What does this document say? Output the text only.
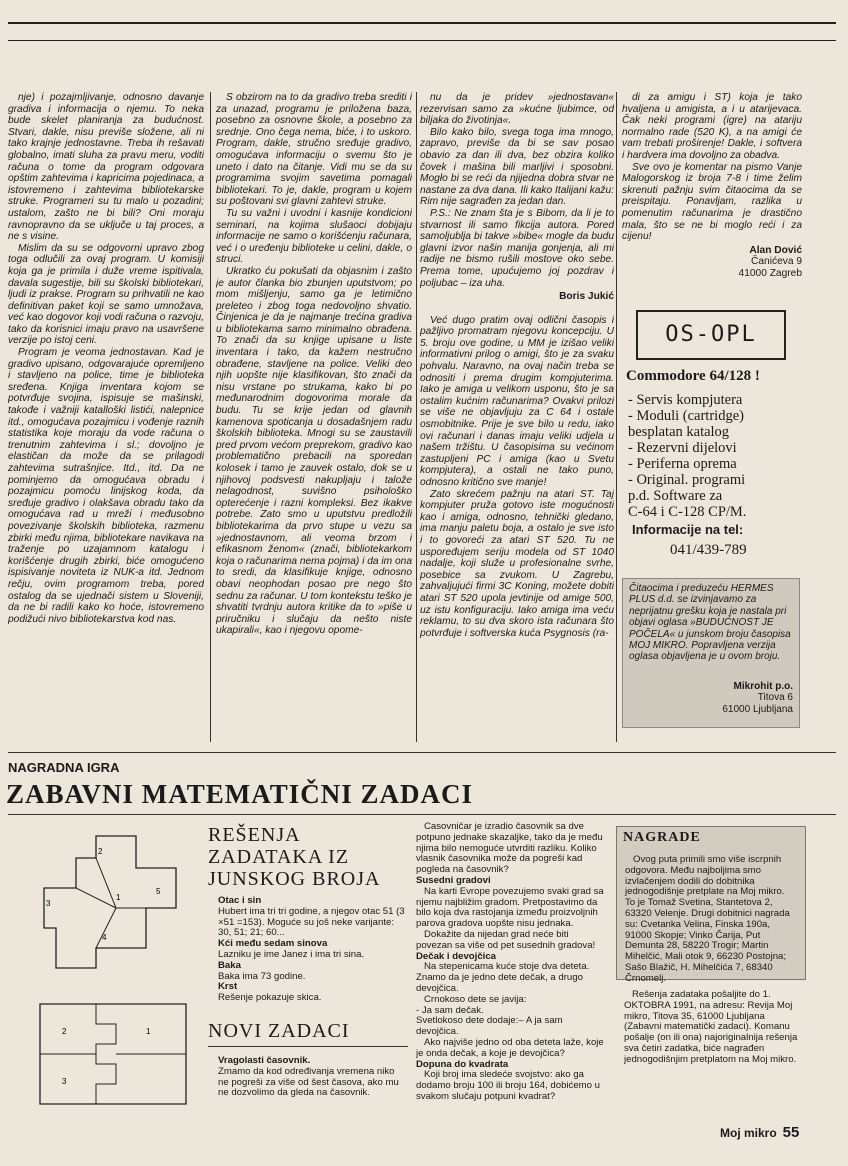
nje) i pozajmljivanje, odnosno davanje gradiva i informacija o njemu. To neka bude skelet planiranja za budućnost. Stvari, dakle, nisu previše složene, ali ni tako krajnje jednostavne. Treba ih rešavati globalno, imati sluha za pravu meru, voditi računa o tome da program odgovara opštim zahtevima i kapricima pojedinaca, a istovremeno i zahtevima bibliotekarske struke. Programeri su tu malo u pozadini; ustalom, zašto ne bi bili? Oni moraju ravnopravno da se uključe u taj proces, a ne s visine.

Mislim da su se odgovorni upravo zbog toga odlučili za ovaj program. U komisiji koja ga je primila i duže vreme ispitivala, davala sugestije, bili su školski bibliotekari, ljudi iz prakse. Program su prihvatili ne kao definitivan paket koji se samo umnožava, već kao dogovor koji vodi računa o razvoju, tako da korisnici imaju pravo na usavršene verzije po istoj ceni.

Program je veoma jednostavan. Kad je gradivo upisano, odgovarajuće opremljeno i stavljeno na police, time je biblioteka sređena. Knjiga inventara kojom se potvrđuje svojina, ispisuje se mašinski, takođe i važniji katalloški listići, nalepnice itd., omogućava pozajmicu i vođenje raznih statistika koje moraju da vode računa o trenutnim zahtevima i sl.; dovoljno je elastičan da može da se prilagodi zahtevima sutrašnjice. Itd., itd. Da ne pominjemo da omogućava obradu i pozajmicu pomoću linijskog koda, da sređuje gradivo i olakšava obradu tako da omogućava rad u mreži i međusobno povezivanje školskih biblioteka, razmenu zbirki među njima, bibliotekare navikava na traženje po uzajamnom katalogu i korišćenje drugih zbirki, biće omogućeno ispisivanje noviteta iz NUK-a itd. Jednom rečju, ovim programom treba, pored ostalog da se ujednači sistem u Sloveniji, da ne bi radili kako ko hoće, istovremeno podižući nivo bibliotekarstva kod nas.

S obzirom na to da gradivo treba srediti i za unazad, programu je priložena baza, posebno za osnovne škole, a posebno za srednje. Ono čega nema, biće, i to uskoro. Program, dakle, stručno sređuje gradivo, omogućava informaciju o svemu što je uneto i dato na čitanje. Vidi mu se da su programima svojim savetima pomagali bibliotekari. To je, dakle, program u kojem su poštovani svi glavni zahtevi struke.

Tu su važni i uvodni i kasnije kondicioni seminari, na kojima slušaoci dobijaju informacije ne samo o korišćenju računara, već i o uređenju biblioteke u celini, dakle, o struci.

Ukratko ću pokušati da objasnim i zašto je autor članka bio zbunjen uputstvom; po mom mišljenju, samo ga je letimično preleteo i zbog toga nedovoljno shvatio. Činjenica je da je najmanje trećina gradiva u bibliotekama samo minimalno obrađena. To znači da su knjige upisane u liste inventara i tako, da kažem nestručno obrađene, stavljene na police. Veliki deo njih uopšte nije klasifikovan, što znači da nisu vrstane po strukama, kako bi po međunarodnim dogovorima morale da budu. Tu se krije jedan od glavnih kamenova spoticanja u dosadašnjem radu školskih biblioteka. Mnogi su se zaustavili pred prvom većom preprekom, gradivo kao problematično prebacili na sporedan kolosek i tamo je zauvek ostalo, dok se u njihovoj podsvesti nakupljaju i talože nelagodnost, suvišno psihološko opterećenje i razni kompleksi. Bez ikakve potrebe. Zato smo u uputstvu predložili bibliotekarima da prvo stupe u vezu sa »jednostavnom, ali veoma brzom i efikasnom ženom« (znači, bibliotekarkom koja o računarima nema pojma) i da im ona to sredi, da klasifikuje knjige, odnosno obavi neophodan posao pre nego što sednu za računar. U tom kontekstu teško je shvatiti tvrdnju autora kritike da to »piše u priručniku i slučaju da nešto niste ukapirali«, kao i njegovu opome-

nu da je pridev »jednostavan« rezervisan samo za »kućne ljubimce, od biljaka do životinja«.

Bilo kako bilo, svega toga ima mnogo, zapravo, previše da bi se sav posao obavio za dan ili dva, bez obzira koliko čovek i mašina bili marljivi i sposobni. Mogło bi se reći da njijedna dobra stvar ne nastane za dva dana. Ili kako Italijani kažu: Rim nije sagrađen za jedan dan.

P.S.: Ne znam šta je s Bibom, da li je to stvarnost ili samo fikcija autora. Pored samoljublja bi takve »bibe« mogle da budu glavni izvor našin manija gonjenja, ali mi radije ne bismo rušili mostove oko sebe. Prema tome, upućujemo joj pozdrav i poljubac – iza uha.

Boris Jukić

Već dugo pratim ovaj odlični časopis i pažljivo promatram njegovu koncepciju. U 5. broju ove godine, u MM je izišao veliki informativni prilog o amigi, što je za svaku pohvalu. Naravno, na ovaj način treba se odnositi i prema drugim kompjuterima. Iako je amiga u velikom usponu, što je sa ostalim kućnim računarima? Ovakvi prilozi se više ne objavljuju za C 64 i ostale osmobitnike. Prije je sve bilo u redu, iako ovi računari i danas imaju veliki udjela u našem tržištu. U časopisima su većinom zastupljeni PC i amiga (kao u Svetu kompjutera), a ostali ne tako puno, odnosno kritično sve manje!

Zato skrećem pažnju na atari ST. Taj kompjuter pruža gotovo iste mogućnosti kao i amiga, odnosno, tehnički gledano, ima manju paletu boja, a ostalo je sve isto i to govoreći za atari ST 520. Tu ne uspoređujem seriju modela od ST 1040 nadalje, koji služe u profesionalne svrhe, posebice sa zvukom. U Zagrebu, zahvaljujući firmi 3C Koning, možete dobiti atari ST 520 upola jevtinije od amige 500, uz istu konfiguraciju. Iako amiga ima veću reklamu, to su dva skoro ista računara što potvrđuje i softverska kuća Psygnosis (ra-

di za amigu i ST) koja je tako hvaljena u amigista, a i u atarijevaca. Čak neki programi (igre) na atariju normalno rade (520 K), a na amigi će vam trebati proširenje! Dakle, i softvera i hardvera ima dovoljno za obadva.

Sve ovo je komentar na pismo Vanje Malogorskog iz broja 7-8 i time želim skrenuti pažnju svim čitaocima da se preispitaju. Ponavljam, razlika u pomenutim računarima je drastično mala, što se ne bi moglo reći i za cijenu!

Alan Dović

Čanićeva 9

41000 Zagreb

OS-OPL
Commodore 64/128 !
- Servis kompjutera
- Moduli (cartridge)
besplatan katalog
- Rezervni dijelovi
- Periferna oprema
- Original. programi
p.d. Software za
C-64 i C-128 CP/M.
Informacije na tel:
041/439-789
Čitaocima i preduzeću HERMES PLUS d.d. se izvinjavamo za neprijatnu grešku koja je nastala pri objavi oglasa »BUDUĆNOST JE POČELA« u junskom broju časopisa MOJ MIKRO. Popravljena verzija oglasa objavljena je u ovom broju.
Mikrohit p.o.
Titova 6
61000 Ljubljana
NAGRADNA IGRA
ZABAVNI MATEMATIČNI ZADACI
2
1
3
5
4
2
3
1
REŠENJA ZADATAKA IZ JUNSKOG BROJA
Otac i sin
Hubert ima tri tri godine, a njegov otac 51 (3 ×51 =153). Moguće su još neke varijante: 30, 51; 21; 60...
Kći među sedam sinova
Lazniku je ime Janez i ima tri sina.
Baka
Baka ima 73 godine.
Krst
Rešenje pokazuje skica.
NOVI ZADACI
Vragolasti časovnik.
Zmamo da kod određivanja vremena niko ne pogreši za više od šest časova, ako mu ne dozvolimo da gleda na časovnik.

Časovničar je izradio časovnik sa dve potpuno jednake skazaljke, tako da je među njima bilo nemoguće utvrditi razliku. Koliko vlasnik časovnika može da pogreši kad pogleda na časovnik?

Susedni gradovi

Na karti Evrope povezujemo svaki grad sa njemu najbližim gradom. Pretpostavimo da bilo koja dva rastojanja između proizvoljnih parova gradova uopšte nisu jednaka.

Dokažite da nijedan grad neće biti povezan sa više od pet susednih gradova!

Dečak i devojčica

Na stepenicama kuće stoje dva deteta. Znamo da je jedno dete dečak, a drugo devojčica.

Crnokoso dete se javija:
- Ja sam dečak.
Svetlokoso dete dodaje:– A ja sam devojčica.

Ako najviše jedno od oba deteta laže, koje je onda dečak, a koje je devojčica?

Dopuna do kvadrata

Koji broj ima sledeće svojstvo: ako ga dodamo broju 100 ili broju 164, dobićemo u svakom slučaju potpuni kvadrat?

NAGRADE

Ovog puta primili smo više iscrpnih odgovora. Među najboljima smo izvlačenjem dodili do dobitnika jednogodišnje pretplate na Moj mikro. To je Tomaž Svetina, Stantetova 2, 63320 Velenje. Drugi dobitnici nagrada su: Cvetanka Velina, Finska 190a, 91000 Skopje; Vinko Čarija, Put Demunta 28, 58220 Trogir; Martin Mihelčić, Mali otok 9, 66230 Postojna; Sašo Blažič, H. Mihelčića 7, 68340 Črnomelj.

Rešenja zadataka pošaljite do 1. OKTOBRA 1991, na adresu: Revija Moj mikro, Titova 35, 61000 Ljubljana (Zabavni matematički zadaci). Komanu pošalje (on ili ona) najoriginalnija rešenja sva četiri zadatka, biće nagrađen jednogodišnjim pretplatom na Moj mikro.

Moj mikro 55
